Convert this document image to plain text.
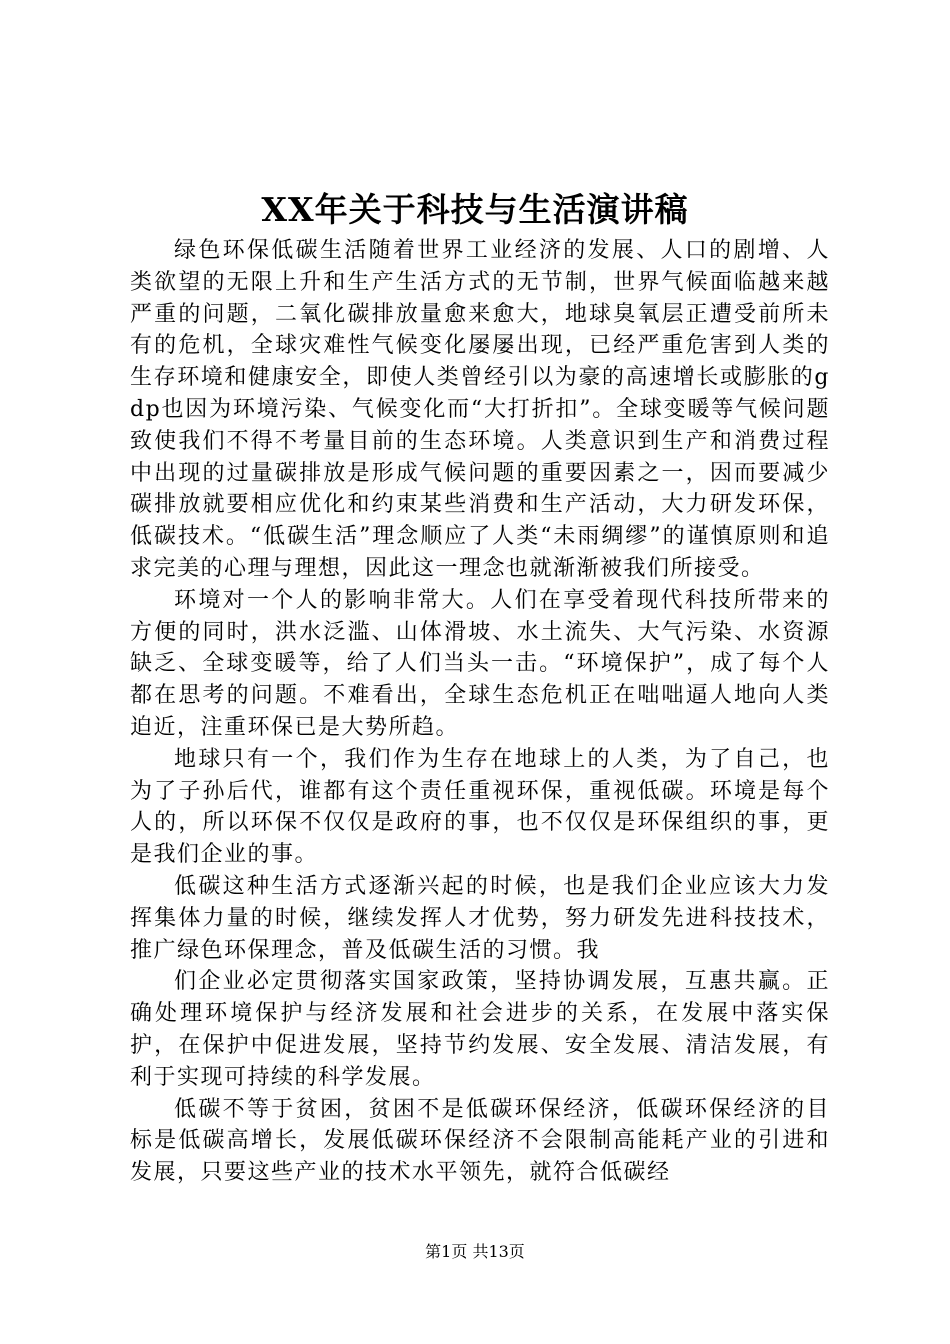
XX年关于科技与生活演讲稿

绿色环保低碳生活随着世界工业经济的发展、人口的剧增、人类欲望的无限上升和生产生活方式的无节制，世界气候面临越来越严重的问题，二氧化碳排放量愈来愈大，地球臭氧层正遭受前所未有的危机，全球灾难性气候变化屡屡出现，已经严重危害到人类的生存环境和健康安全，即使人类曾经引以为豪的高速增长或膨胀的gdp也因为环境污染、气候变化而“大打折扣”。全球变暖等气候问题致使我们不得不考量目前的生态环境。人类意识到生产和消费过程中出现的过量碳排放是形成气候问题的重要因素之一，因而要减少碳排放就要相应优化和约束某些消费和生产活动，大力研发环保，低碳技术。“低碳生活”理念顺应了人类“未雨绸缪”的谨慎原则和追求完美的心理与理想，因此这一理念也就渐渐被我们所接受。

环境对一个人的影响非常大。人们在享受着现代科技所带来的方便的同时，洪水泛滥、山体滑坡、水土流失、大气污染、水资源缺乏、全球变暖等，给了人们当头一击。“环境保护”，成了每个人都在思考的问题。不难看出，全球生态危机正在咄咄逼人地向人类迫近，注重环保已是大势所趋。

地球只有一个，我们作为生存在地球上的人类，为了自己，也为了子孙后代，谁都有这个责任重视环保，重视低碳。环境是每个人的，所以环保不仅仅是政府的事，也不仅仅是环保组织的事，更是我们企业的事。

低碳这种生活方式逐渐兴起的时候，也是我们企业应该大力发挥集体力量的时候，继续发挥人才优势，努力研发先进科技技术，推广绿色环保理念，普及低碳生活的习惯。我

们企业必定贯彻落实国家政策，坚持协调发展，互惠共赢。正确处理环境保护与经济发展和社会进步的关系，在发展中落实保护，在保护中促进发展，坚持节约发展、安全发展、清洁发展，有利于实现可持续的科学发展。

低碳不等于贫困，贫困不是低碳环保经济，低碳环保经济的目标是低碳高增长，发展低碳环保经济不会限制高能耗产业的引进和发展，只要这些产业的技术水平领先，就符合低碳经

第1页 共13页
